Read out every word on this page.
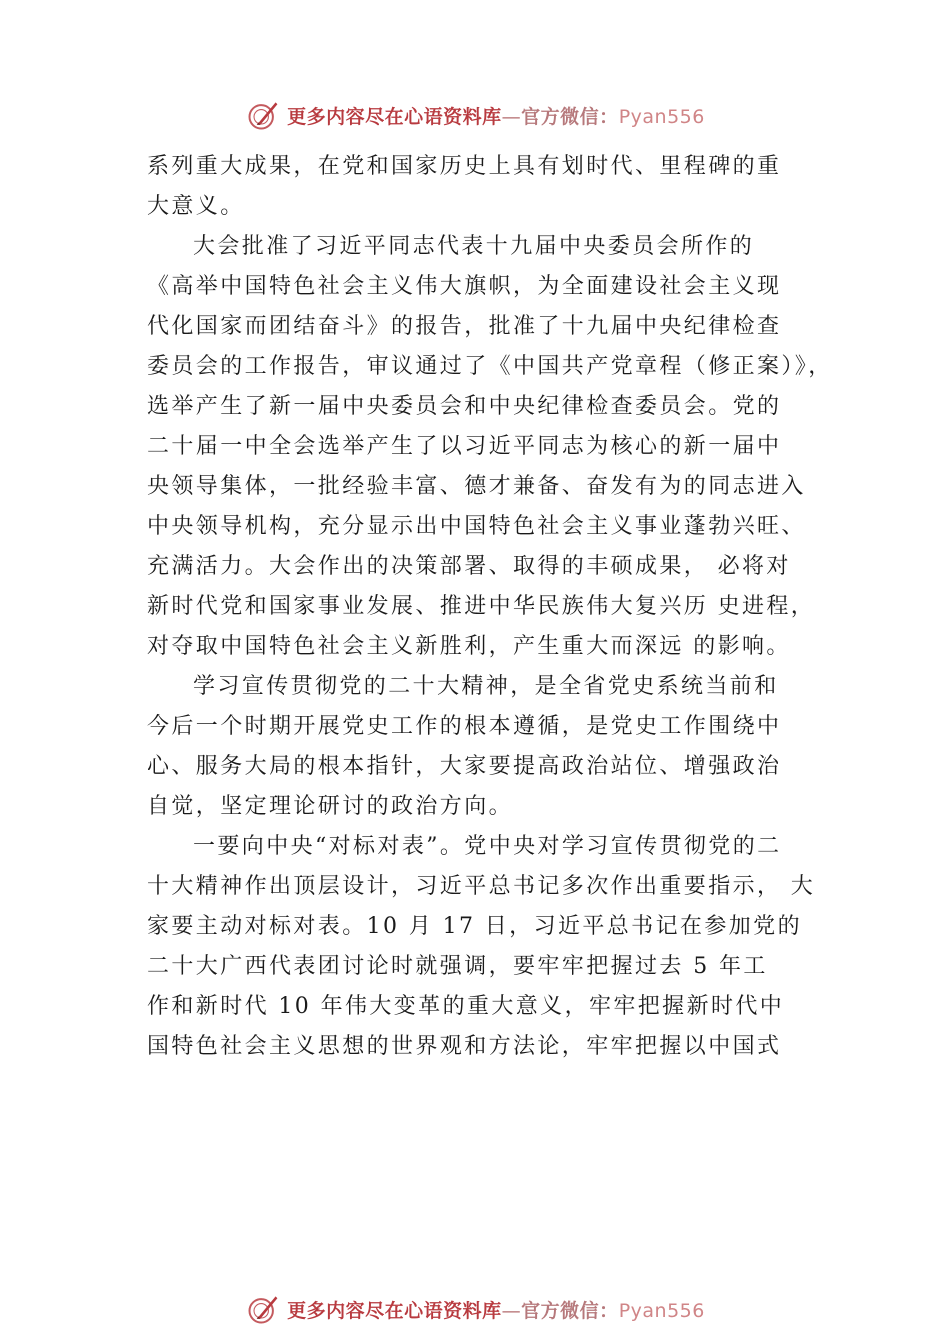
更多内容尽在心语资料库—官方微信：Pyan556
系列重大成果，在党和国家历史上具有划时代、里程碑的重
大意义。
大会批准了习近平同志代表十九届中央委员会所作的
《高举中国特色社会主义伟大旗帜，为全面建设社会主义现
代化国家而团结奋斗》的报告，批准了十九届中央纪律检查
委员会的工作报告，审议通过了《中国共产党章程（修正案）》，
选举产生了新一届中央委员会和中央纪律检查委员会。党的
二十届一中全会选举产生了以习近平同志为核心的新一届中
央领导集体，一批经验丰富、德才兼备、奋发有为的同志进入
中央领导机构，充分显示出中国特色社会主义事业蓬勃兴旺、
充满活力。大会作出的决策部署、取得的丰硕成果， 必将对
新时代党和国家事业发展、推进中华民族伟大复兴历 史进程，
对夺取中国特色社会主义新胜利，产生重大而深远 的影响。
学习宣传贯彻党的二十大精神，是全省党史系统当前和
今后一个时期开展党史工作的根本遵循，是党史工作围绕中
心、服务大局的根本指针，大家要提高政治站位、增强政治
自觉，坚定理论研讨的政治方向。
一要向中央“对标对表”。党中央对学习宣传贯彻党的二
十大精神作出顶层设计，习近平总书记多次作出重要指示， 大
家要主动对标对表。10 月 17 日，习近平总书记在参加党的
二十大广西代表团讨论时就强调，要牢牢把握过去 5 年工
作和新时代 10 年伟大变革的重大意义，牢牢把握新时代中
国特色社会主义思想的世界观和方法论，牢牢把握以中国式
更多内容尽在心语资料库—官方微信：Pyan556
